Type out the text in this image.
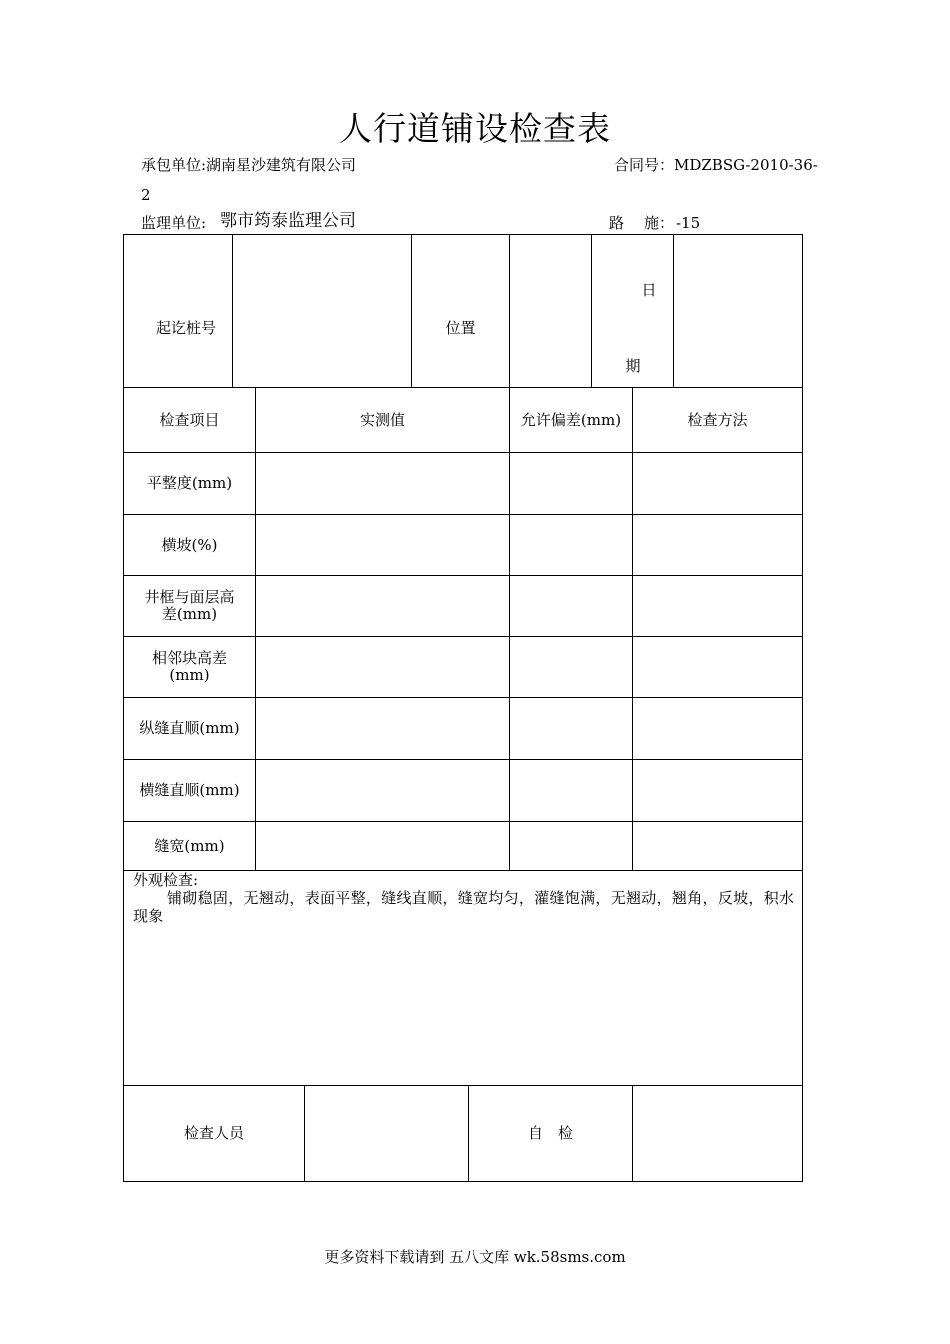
人行道铺设检查表
承包单位:湖南星沙建筑有限公司	合同号：MDZBSG-2010-36-
2
监理单位: 鄂市筠泰监理公司	路 施： -15
起讫桩号	位置
日
期
检查项目	实测值	允许偏差(mm)	检查方法
平整度(mm)
横坡(%)
井框与面层高差(mm)
相邻块高差(mm)
纵缝直顺(mm)
横缝直顺(mm)
缝宽(mm)
外观检查:
铺砌稳固，无翘动，表面平整，缝线直顺，缝宽均匀，灌缝饱满，无翘动，翘角，反坡，积水现象
检查人员	自　检
更多资料下载请到 五八文库 wk.58sms.com
